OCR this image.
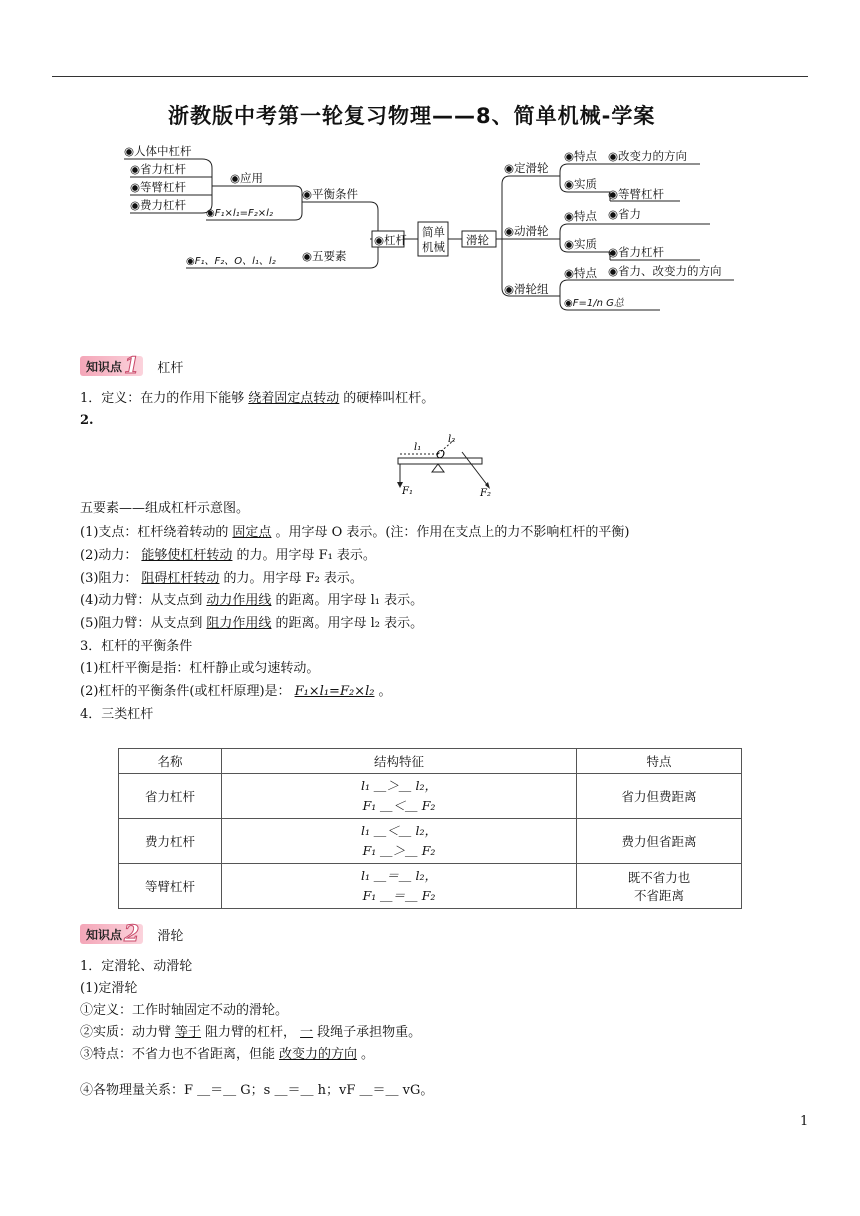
浙教版中考第一轮复习物理——8、简单机械-学案
◉人体中杠杆
◉省力杠杆
◉等臂杠杆
◉费力杠杆
◉应用
◉F₁×l₁=F₂×l₂
◉平衡条件
◉F₁、F₂、O、l₁、l₂ ◉五要素
◉杠杆
简单
机械 滑轮
◉定滑轮
◉动滑轮
◉滑轮组
◉特点 ◉改变力的方向
◉实质
◉等臂杠杆
◉特点 ◉省力
◉实质
◉省力杠杆
◉特点 ◉省力、改变力的方向
◉F=1/n G总
知识点 1 杠杆
1．定义：在力的作用下能够 绕着固定点转动 的硬棒叫杠杆。
2.
l₁
l₂
O
F₁	F₂
五要素——组成杠杆示意图。
(1)支点：杠杆绕着转动的 固定点 。用字母 O 表示。(注：作用在支点上的力不影响杠杆的平衡)
(2)动力： 能够使杠杆转动 的力。用字母 F₁ 表示。
(3)阻力： 阻碍杠杆转动 的力。用字母 F₂ 表示。
(4)动力臂：从支点到 动力作用线 的距离。用字母 l₁ 表示。
(5)阻力臂：从支点到 阻力作用线 的距离。用字母 l₂ 表示。
3．杠杆的平衡条件
(1)杠杆平衡是指：杠杆静止或匀速转动。
(2)杠杆的平衡条件(或杠杆原理)是： F₁×l₁=F₂×l₂ 。
4．三类杠杆
名称	结构特征	特点
省力杠杆	l₁ ＿＞＿ l₂，
F₁ ＿＜＿ F₂	省力但费距离
费力杠杆	l₁ ＿＜＿ l₂，
F₁ ＿＞＿ F₂	费力但省距离
等臂杠杆	l₁ ＿＝＿ l₂，
F₁ ＿＝＿ F₂	既不省力也
不省距离
知识点 2 滑轮
1．定滑轮、动滑轮
(1)定滑轮
①定义：工作时轴固定不动的滑轮。
②实质：动力臂 等于 阻力臂的杠杆， 一 段绳子承担物重。
③特点：不省力也不省距离，但能 改变力的方向 。
④各物理量关系：F ＿＝＿ G；s ＿＝＿ h；vF ＿＝＿ vG。
1
